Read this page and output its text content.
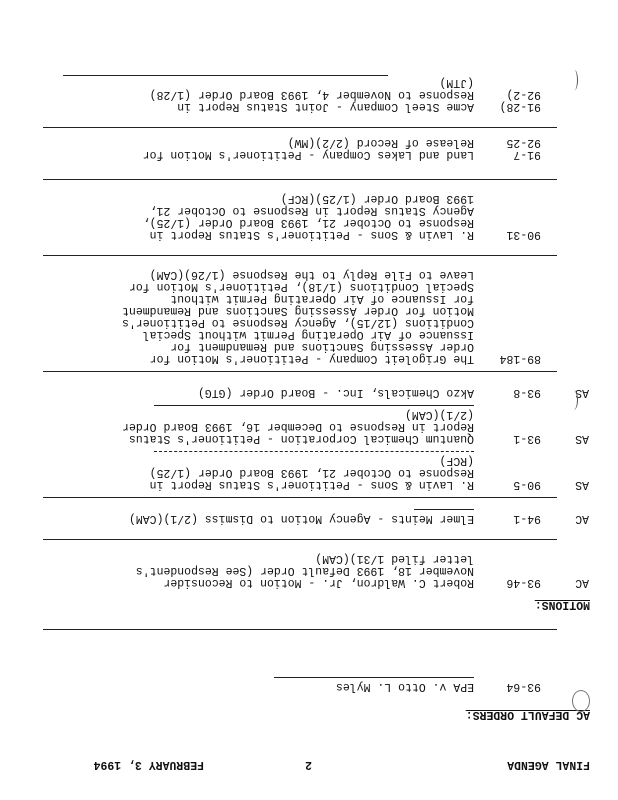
FINAL AGENDA
2
FEBRUARY 3, 1994
AC DEFAULT ORDERS:
93-64
EPA v. Otto L. Myles
MOTIONS:
AC
93-46
Robert C. Waldron, Jr. - Motion to Reconsider
November 18, 1993 Default Order (See Respondent's
letter filed 1/31)(CAM)
AC
94-1
Elmer Meints - Agency Motion to Dismiss (2/1)(CAM)
AS
90-5
R. Lavin & Sons - Petitioner's Status Report in
Response to October 21, 1993 Board Order (1/25)
(RCF)
AS
93-1
Quantum Chemical Corporation - Petitioner's Status
Report in Response to December 16, 1993 Board Order
(2/1)(CAM)
AS
93-8
Akzo Chemicals, Inc. - Board Order (GTG)
89-184
The Grigoleit Company - Petitioner's Motion for
Order Assessing Sanctions and Remandment for
Issuance of Air Operating Permit without Special
Conditions (12/15), Agency Response to Petitioner's
Motion for Order Assessing Sanctions and Remandment
for Issuance of Air Operating Permit without
Special Conditions (1/18), Petitioner's Motion for
Leave to File Reply to the Response (1/26)(CAM)
90-31
R. Lavin & Sons - Petitioner's Status Report in
Response to October 21, 1993 Board Order (1/25),
Agency Status Report in Response to October 21,
1993 Board Order (1/25)(RCF)
91-7
92-25
Land and Lakes Company - Petitioner's Motion for
Release of Record (2/2)(MW)
91-28)
92-2)
Acme Steel Company - Joint Status Report in
Response to November 4, 1993 Board Order (1/28)
(JTM)
